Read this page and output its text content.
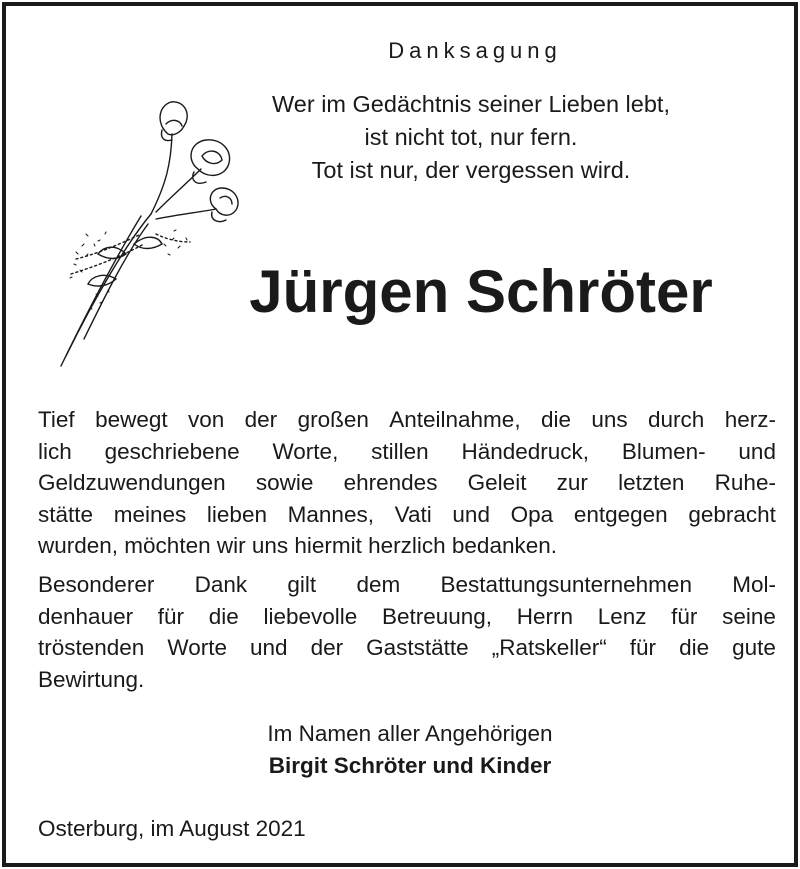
Danksagung
Wer im Gedächtnis seiner Lieben lebt,
ist nicht tot, nur fern.
Tot ist nur, der vergessen wird.
Jürgen Schröter
Tief bewegt von der großen Anteilnahme, die uns durch herz-
lich geschriebene Worte, stillen Händedruck, Blumen- und
Geldzuwendungen sowie ehrendes Geleit zur letzten Ruhe-
stätte meines lieben Mannes, Vati und Opa entgegen gebracht
wurden, möchten wir uns hiermit herzlich bedanken.
Besonderer Dank gilt dem Bestattungsunternehmen Mol-
denhauer für die liebevolle Betreuung, Herrn Lenz für seine
tröstenden Worte und der Gaststätte „Ratskeller“ für die gute
Bewirtung.
Im Namen aller Angehörigen
Birgit Schröter und Kinder
Osterburg, im August 2021
